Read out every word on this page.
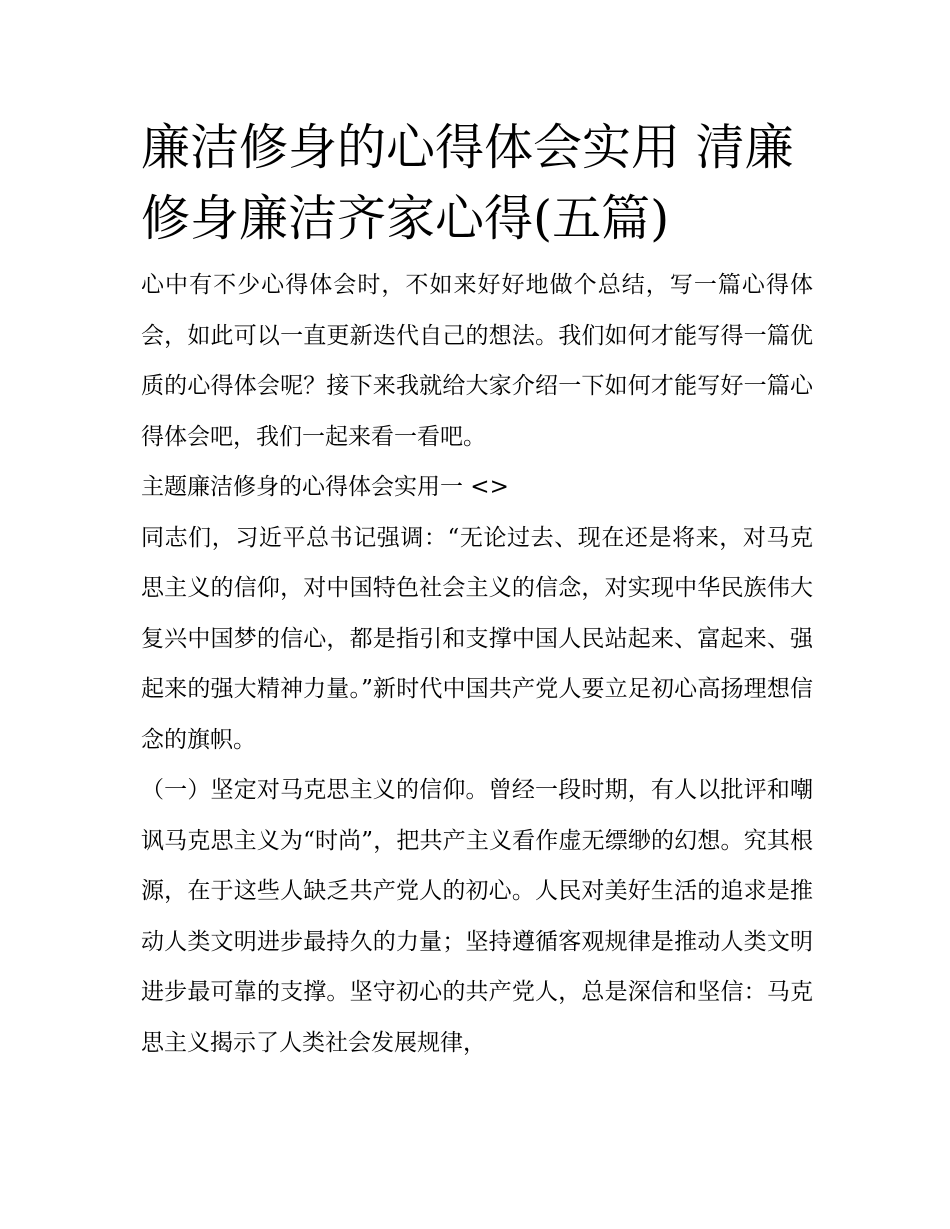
廉洁修身的心得体会实用 清廉修身廉洁齐家心得(五篇)

心中有不少心得体会时，不如来好好地做个总结，写一篇心得体会，如此可以一直更新迭代自己的想法。我们如何才能写得一篇优质的心得体会呢？接下来我就给大家介绍一下如何才能写好一篇心得体会吧，我们一起来看一看吧。

主题廉洁修身的心得体会实用一 <>

同志们，习近平总书记强调：“无论过去、现在还是将来，对马克思主义的信仰，对中国特色社会主义的信念，对实现中华民族伟大复兴中国梦的信心，都是指引和支撑中国人民站起来、富起来、强起来的强大精神力量。”新时代中国共产党人要立足初心高扬理想信念的旗帜。

（一）坚定对马克思主义的信仰。曾经一段时期，有人以批评和嘲讽马克思主义为“时尚”，把共产主义看作虚无缥缈的幻想。究其根源，在于这些人缺乏共产党人的初心。人民对美好生活的追求是推动人类文明进步最持久的力量；坚持遵循客观规律是推动人类文明进步最可靠的支撑。坚守初心的共产党人，总是深信和坚信：马克思主义揭示了人类社会发展规律，
